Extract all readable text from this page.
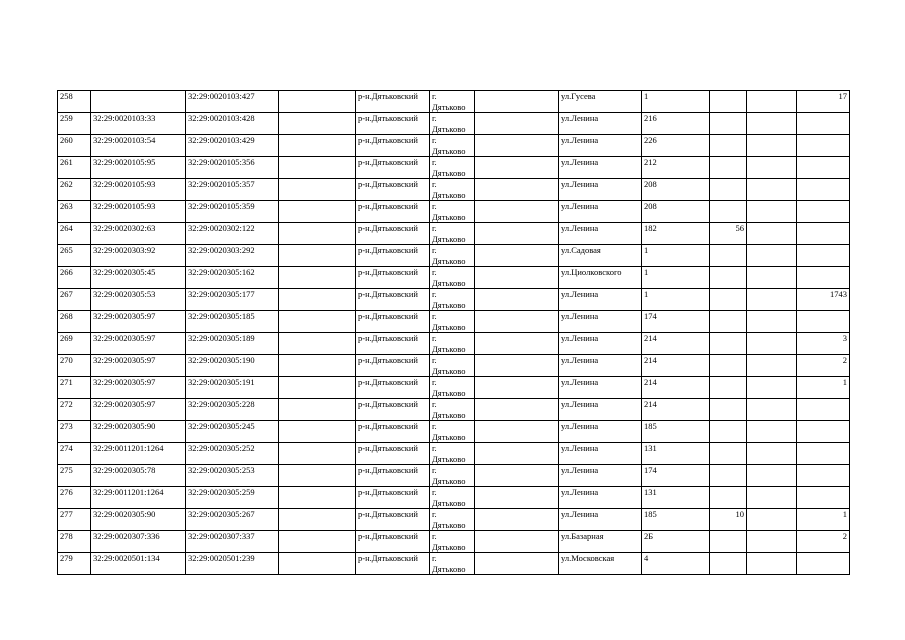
258		32:29:0020103:427		р-н.Дятьковский	г.
Дятьково		ул.Гусева	1			17
259	32:29:0020103:33	32:29:0020103:428		р-н.Дятьковский	г.
Дятьково		ул.Ленина	216			
260	32:29:0020103:54	32:29:0020103:429		р-н.Дятьковский	г.
Дятьково		ул.Ленина	226			
261	32:29:0020105:95	32:29:0020105:356		р-н.Дятьковский	г.
Дятьково		ул.Ленина	212			
262	32:29:0020105:93	32:29:0020105:357		р-н.Дятьковский	г.
Дятьково		ул.Ленина	208			
263	32:29:0020105:93	32:29:0020105:359		р-н.Дятьковский	г.
Дятьково		ул.Ленина	208			
264	32:29:0020302:63	32:29:0020302:122		р-н.Дятьковский	г.
Дятьково		ул.Ленина	182	56		
265	32:29:0020303:92	32:29:0020303:292		р-н.Дятьковский	г.
Дятьково		ул.Садовая	1			
266	32:29:0020305:45	32:29:0020305:162		р-н.Дятьковский	г.
Дятьково		ул.Циолковского	1			
267	32:29:0020305:53	32:29:0020305:177		р-н.Дятьковский	г.
Дятьково		ул.Ленина	1			1743
268	32:29:0020305:97	32:29:0020305:185		р-н.Дятьковский	г.
Дятьково		ул.Ленина	174			
269	32:29:0020305:97	32:29:0020305:189		р-н.Дятьковский	г.
Дятьково		ул.Ленина	214			3
270	32:29:0020305:97	32:29:0020305:190		р-н.Дятьковский	г.
Дятьково		ул.Ленина	214			2
271	32:29:0020305:97	32:29:0020305:191		р-н.Дятьковский	г.
Дятьково		ул.Ленина	214			1
272	32:29:0020305:97	32:29:0020305:228		р-н.Дятьковский	г.
Дятьково		ул.Ленина	214			
273	32:29:0020305:90	32:29:0020305:245		р-н.Дятьковский	г.
Дятьково		ул.Ленина	185			
274	32:29:0011201:1264	32:29:0020305:252		р-н.Дятьковский	г.
Дятьково		ул.Ленина	131			
275	32:29:0020305:78	32:29:0020305:253		р-н.Дятьковский	г.
Дятьково		ул.Ленина	174			
276	32:29:0011201:1264	32:29:0020305:259		р-н.Дятьковский	г.
Дятьково		ул.Ленина	131			
277	32:29:0020305:90	32:29:0020305:267		р-н.Дятьковский	г.
Дятьково		ул.Ленина	185	10		1
278	32:29:0020307:336	32:29:0020307:337		р-н.Дятьковский	г.
Дятьково		ул.Базарная	2Б			2
279	32:29:0020501:134	32:29:0020501:239		р-н.Дятьковский	г.
Дятьково		ул.Московская	4			
